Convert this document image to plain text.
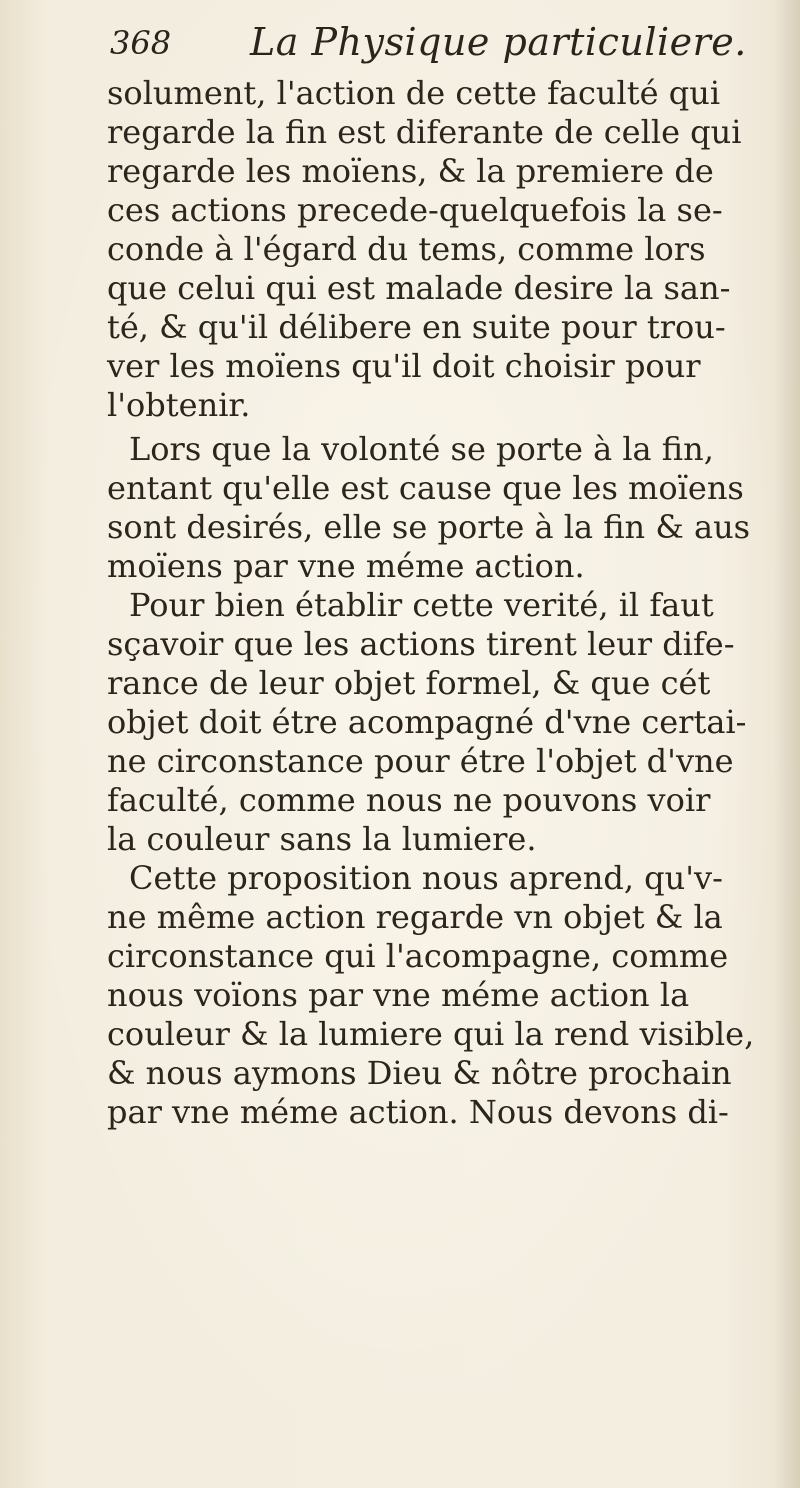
368 La Physique particuliere.
solument, l'action de cette faculté qui
regarde la fin est diferante de celle qui
regarde les moïens, & la premiere de
ces actions precede-quelquefois la se-
conde à l'égard du tems, comme lors
que celui qui est malade desire la san-
té, & qu'il délibere en suite pour trou-
ver les moïens qu'il doit choisir pour
l'obtenir.
Lors que la volonté se porte à la fin,
entant qu'elle est cause que les moïens
sont desirés, elle se porte à la fin & aus
moïens par vne méme action.
Pour bien établir cette verité, il faut
sçavoir que les actions tirent leur dife-
rance de leur objet formel, & que cét
objet doit étre acompagné d'vne certai-
ne circonstance pour étre l'objet d'vne
faculté, comme nous ne pouvons voir
la couleur sans la lumiere.
Cette proposition nous aprend, qu'v-
ne même action regarde vn objet & la
circonstance qui l'acompagne, comme
nous voïons par vne méme action la
couleur & la lumiere qui la rend visible,
& nous aymons Dieu & nôtre prochain
par vne méme action. Nous devons di-
